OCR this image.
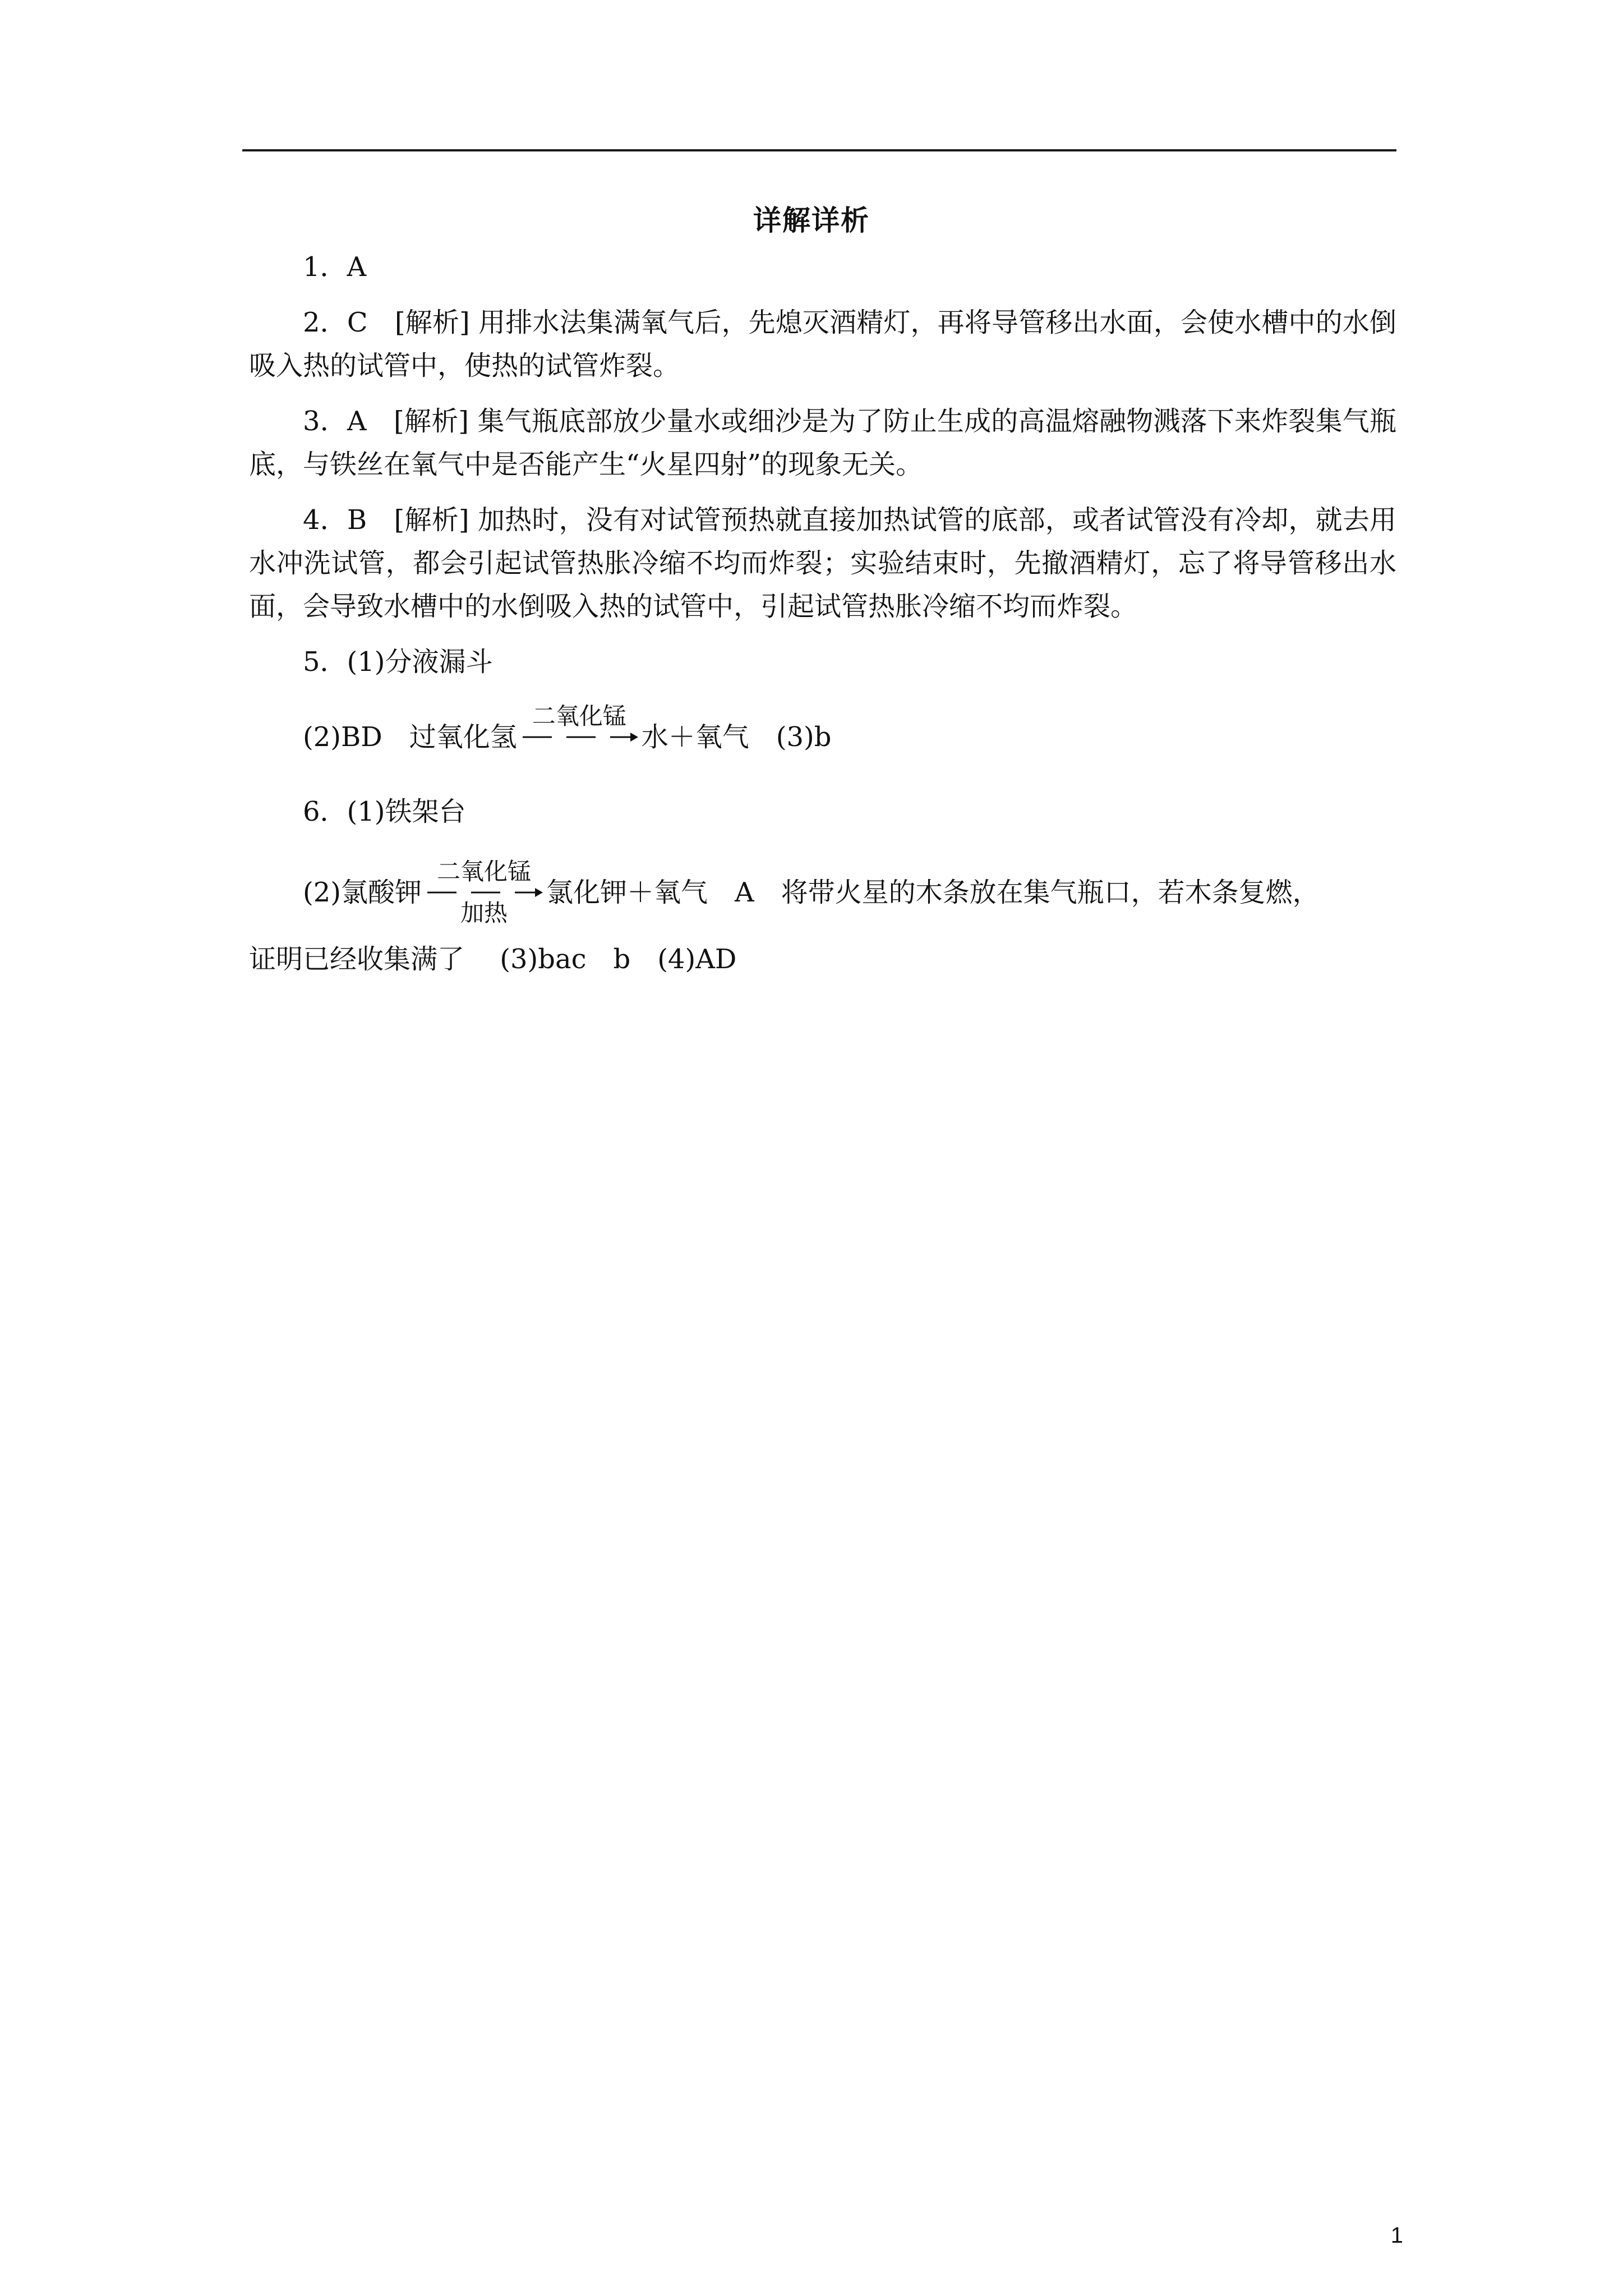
详解详析

1．A

2．C　[解析] 用排水法集满氧气后，先熄灭酒精灯，再将导管移出水面，会使水槽中的水倒吸入热的试管中，使热的试管炸裂。

3．A　[解析] 集气瓶底部放少量水或细沙是为了防止生成的高温熔融物溅落下来炸裂集气瓶底，与铁丝在氧气中是否能产生“火星四射”的现象无关。

4．B　[解析] 加热时，没有对试管预热就直接加热试管的底部，或者试管没有冷却，就去用水冲洗试管，都会引起试管热胀冷缩不均而炸裂；实验结束时，先撤酒精灯，忘了将导管移出水面，会导致水槽中的水倒吸入热的试管中，引起试管热胀冷缩不均而炸裂。

5．(1)分液漏斗

(2)BD　过氧化氢
二氧化锰
水＋氧气 (3)b

6．(1)铁架台

(2)氯酸钾
二氧化锰
加热
氯化钾＋氧气 A　将带火星的木条放在集气瓶口，若木条复燃，

证明已经收集满了　 (3)bac　b　(4)AD

1
